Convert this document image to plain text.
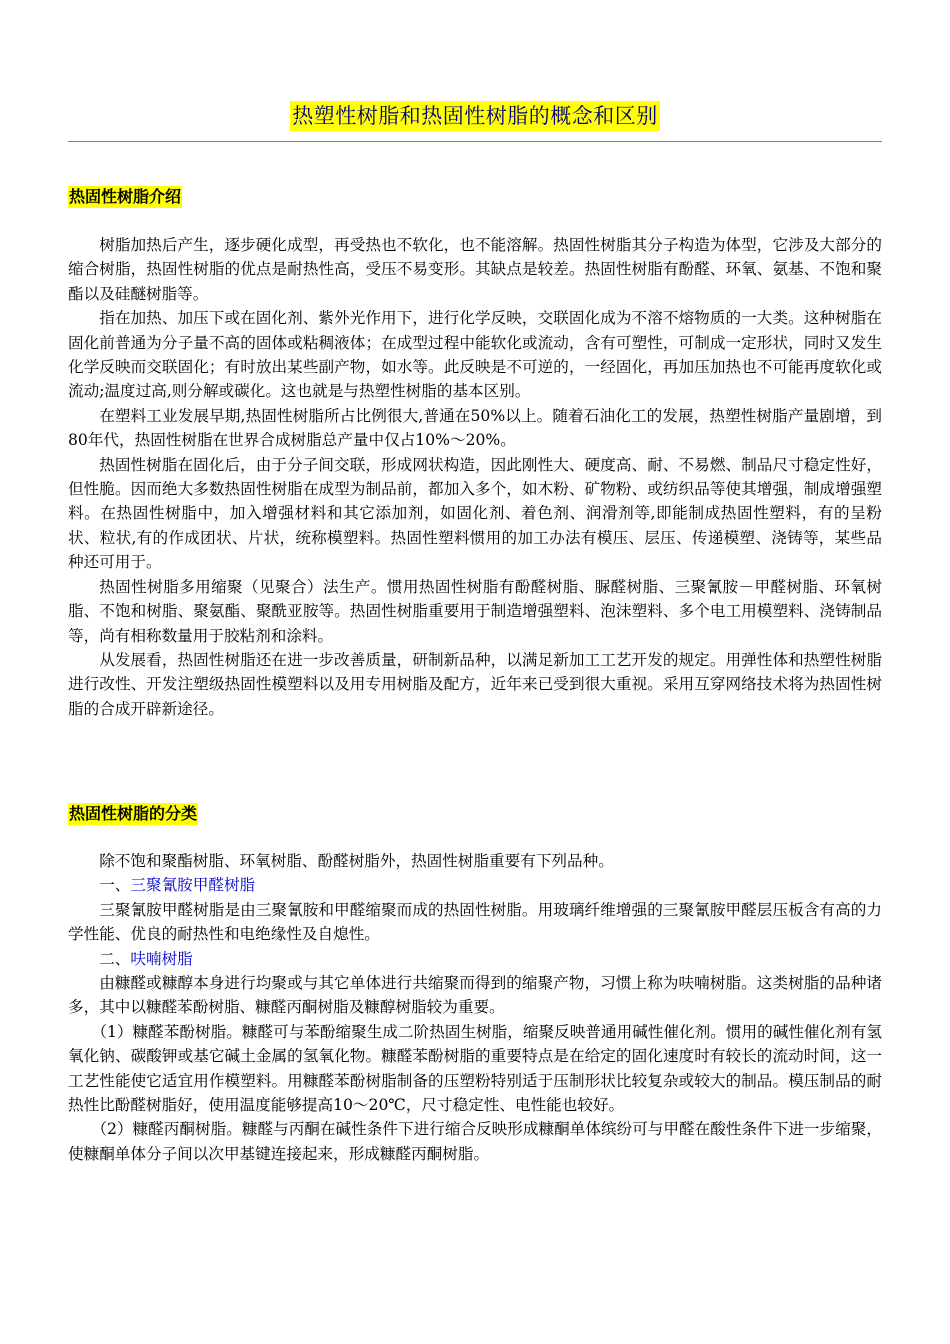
热塑性树脂和热固性树脂的概念和区别
热固性树脂介绍

树脂加热后产生，逐步硬化成型，再受热也不软化，也不能溶解。热固性树脂其分子构造为体型，它涉及大部分的缩合树脂，热固性树脂的优点是耐热性高，受压不易变形。其缺点是较差。热固性树脂有酚醛、环氧、氨基、不饱和聚酯以及硅醚树脂等。

指在加热、加压下或在固化剂、紫外光作用下，进行化学反映，交联固化成为不溶不熔物质的一大类。这种树脂在固化前普通为分子量不高的固体或粘稠液体；在成型过程中能软化或流动，含有可塑性，可制成一定形状，同时又发生化学反映而交联固化；有时放出某些副产物，如水等。此反映是不可逆的，一经固化，再加压加热也不可能再度软化或流动;温度过高,则分解或碳化。这也就是与热塑性树脂的基本区别。

在塑料工业发展早期,热固性树脂所占比例很大,普通在50%以上。随着石油化工的发展，热塑性树脂产量剧增，到80年代，热固性树脂在世界合成树脂总产量中仅占10%～20%。

热固性树脂在固化后，由于分子间交联，形成网状构造，因此刚性大、硬度高、耐、不易燃、制品尺寸稳定性好，但性脆。因而绝大多数热固性树脂在成型为制品前，都加入多个，如木粉、矿物粉、或纺织品等使其增强，制成增强塑料。在热固性树脂中，加入增强材料和其它添加剂，如固化剂、着色剂、润滑剂等,即能制成热固性塑料，有的呈粉状、粒状,有的作成团状、片状，统称模塑料。热固性塑料惯用的加工办法有模压、层压、传递模塑、浇铸等，某些品种还可用于。

热固性树脂多用缩聚（见聚合）法生产。惯用热固性树脂有酚醛树脂、脲醛树脂、三聚氰胺－甲醛树脂、环氧树脂、不饱和树脂、聚氨酯、聚酰亚胺等。热固性树脂重要用于制造增强塑料、泡沫塑料、多个电工用模塑料、浇铸制品等，尚有相称数量用于胶粘剂和涂料。

从发展看，热固性树脂还在进一步改善质量，研制新品种，以满足新加工工艺开发的规定。用弹性体和热塑性树脂进行改性、开发注塑级热固性模塑料以及用专用树脂及配方，近年来已受到很大重视。采用互穿网络技术将为热固性树脂的合成开辟新途径。

热固性树脂的分类

除不饱和聚酯树脂、环氧树脂、酚醛树脂外，热固性树脂重要有下列品种。

一、三聚氰胺甲醛树脂

三聚氰胺甲醛树脂是由三聚氰胺和甲醛缩聚而成的热固性树脂。用玻璃纤维增强的三聚氰胺甲醛层压板含有高的力学性能、优良的耐热性和电绝缘性及自熄性。

二、呋喃树脂

由糠醛或糠醇本身进行均聚或与其它单体进行共缩聚而得到的缩聚产物，习惯上称为呋喃树脂。这类树脂的品种诸多，其中以糠醛苯酚树脂、糠醛丙酮树脂及糠醇树脂较为重要。

（1）糠醛苯酚树脂。糠醛可与苯酚缩聚生成二阶热固生树脂，缩聚反映普通用碱性催化剂。惯用的碱性催化剂有氢氧化钠、碳酸钾或基它碱土金属的氢氧化物。糠醛苯酚树脂的重要特点是在给定的固化速度时有较长的流动时间，这一工艺性能使它适宜用作模塑料。用糠醛苯酚树脂制备的压塑粉特别适于压制形状比较复杂或较大的制品。模压制品的耐热性比酚醛树脂好，使用温度能够提高10～20℃，尺寸稳定性、电性能也较好。

（2）糠醛丙酮树脂。糠醛与丙酮在碱性条件下进行缩合反映形成糠酮单体缤纷可与甲醛在酸性条件下进一步缩聚，使糠酮单体分子间以次甲基键连接起来，形成糠醛丙酮树脂。
